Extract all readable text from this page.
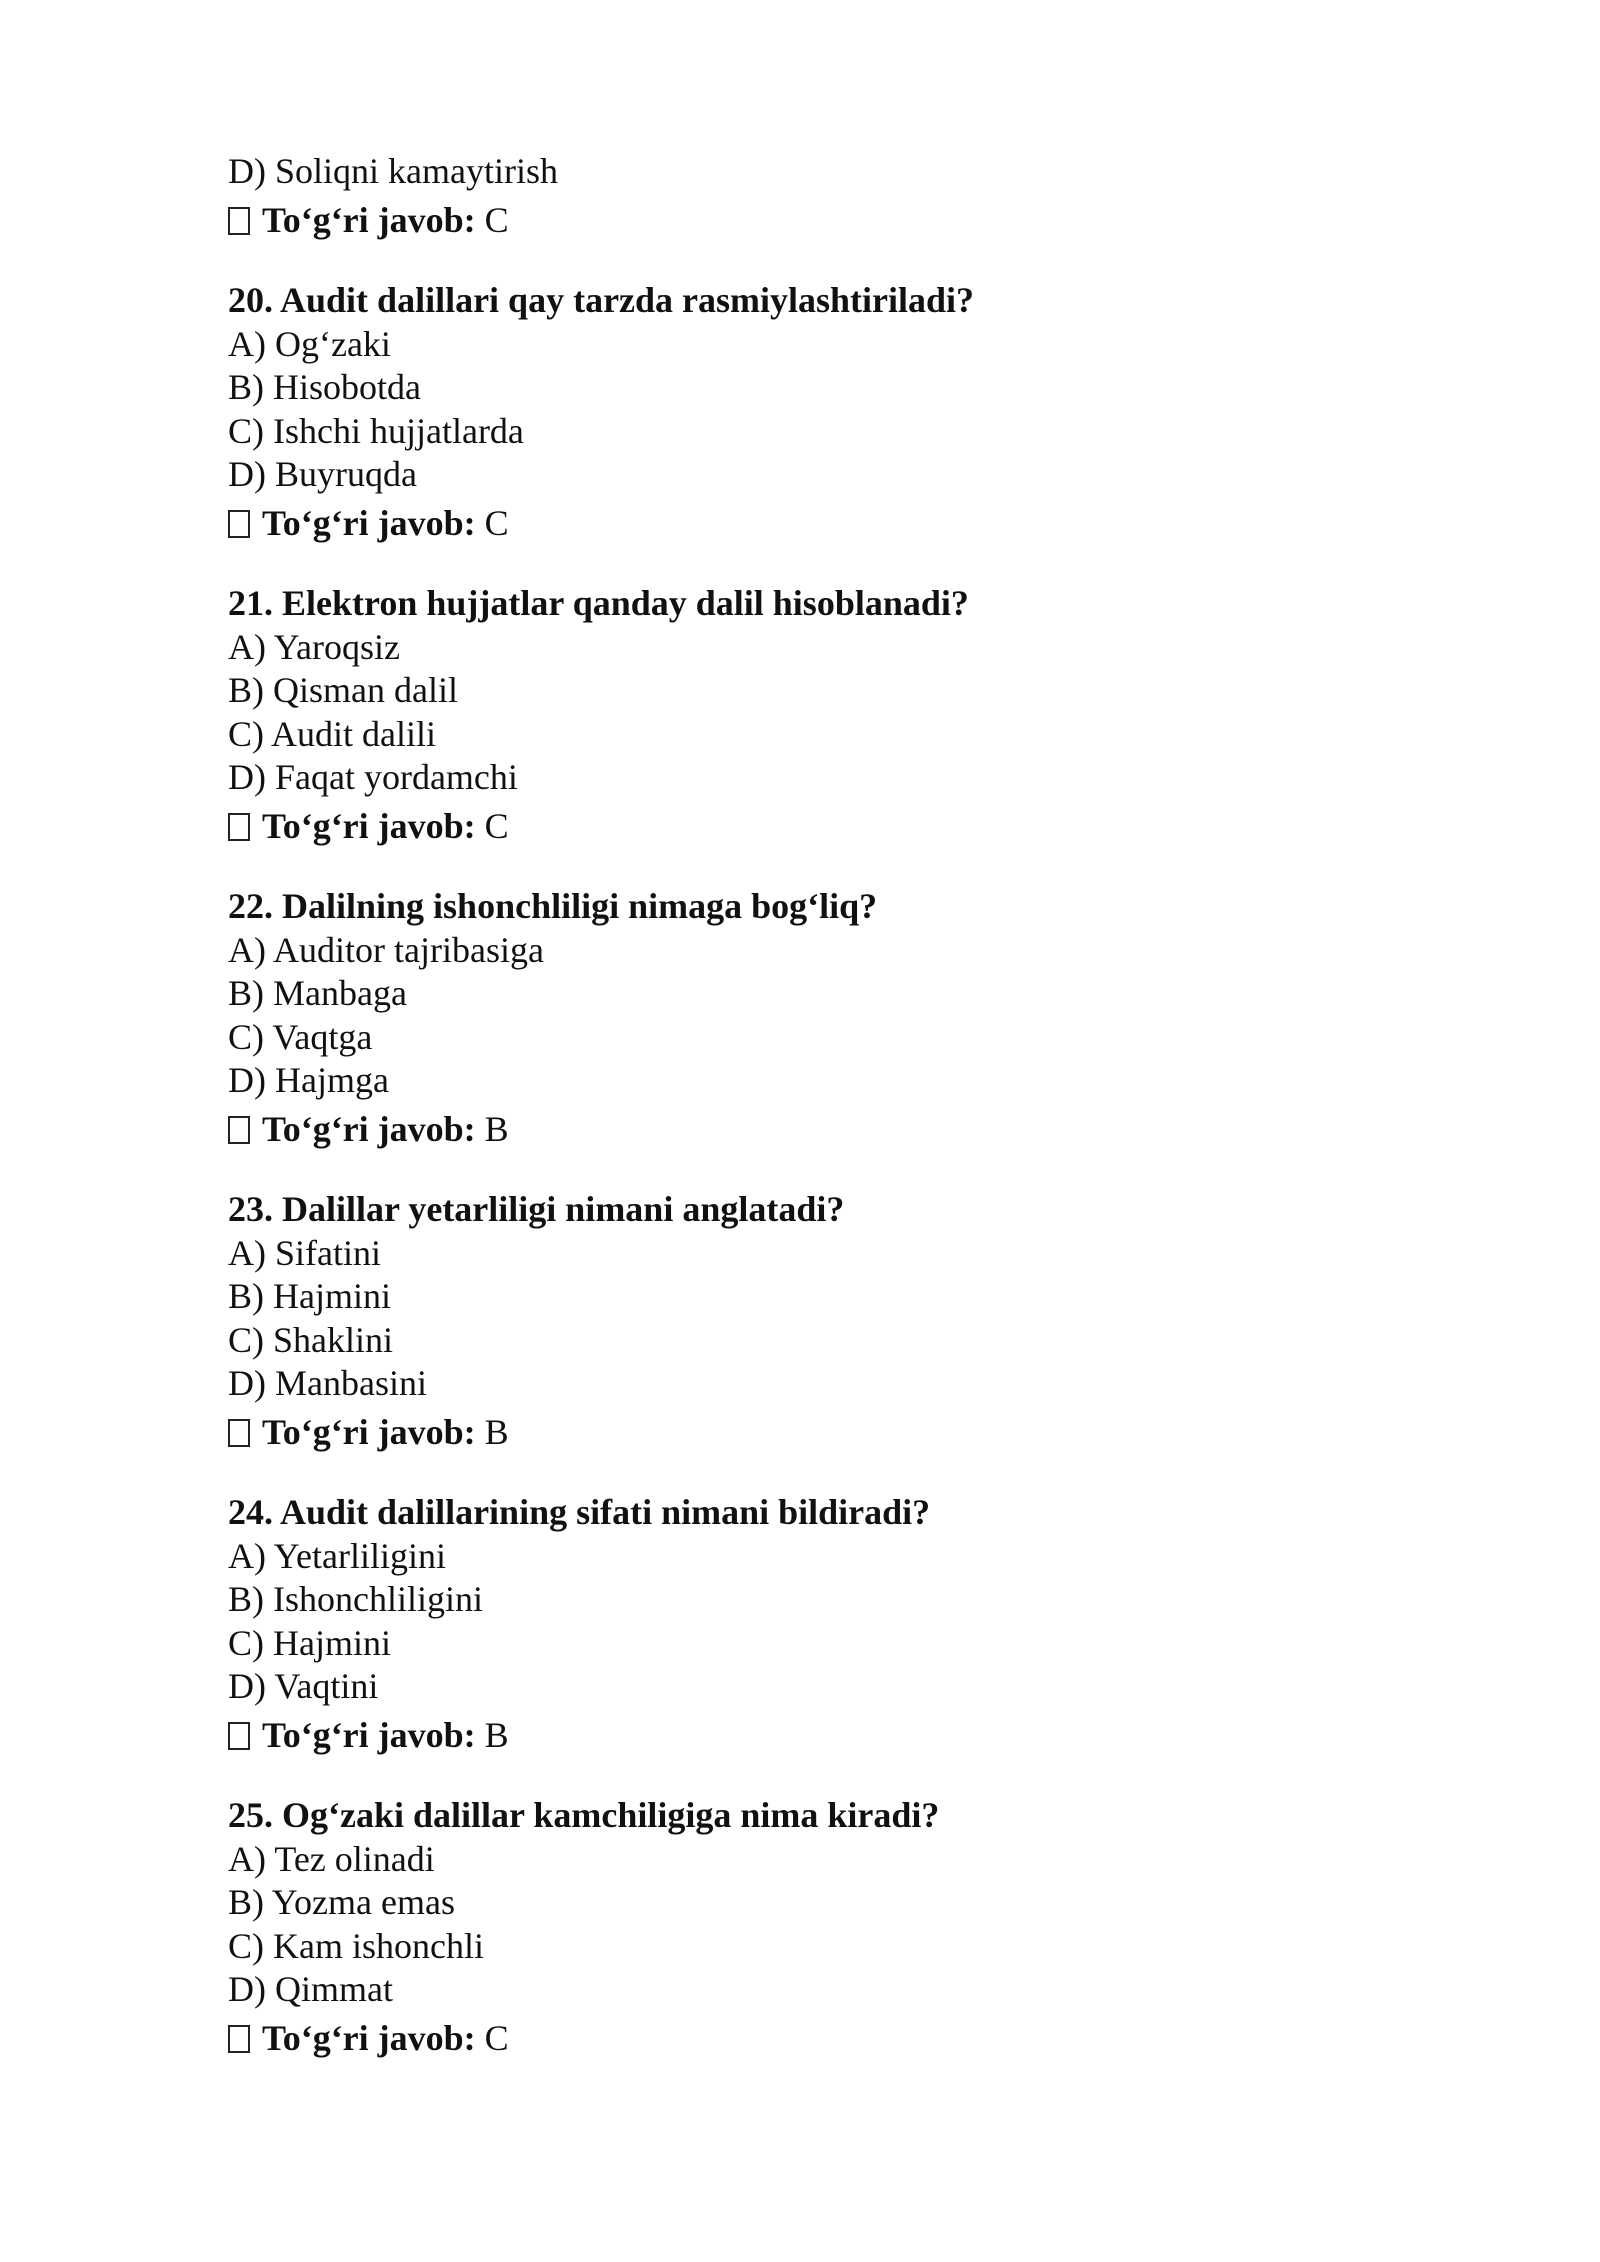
D) Soliqni kamaytirish
To‘g‘ri javob: C
20. Audit dalillari qay tarzda rasmiylashtiriladi?
A) Og‘zaki
B) Hisobotda
C) Ishchi hujjatlarda
D) Buyruqda
To‘g‘ri javob: C
21. Elektron hujjatlar qanday dalil hisoblanadi?
A) Yaroqsiz
B) Qisman dalil
C) Audit dalili
D) Faqat yordamchi
To‘g‘ri javob: C
22. Dalilning ishonchliligi nimaga bog‘liq?
A) Auditor tajribasiga
B) Manbaga
C) Vaqtga
D) Hajmga
To‘g‘ri javob: B
23. Dalillar yetarliligi nimani anglatadi?
A) Sifatini
B) Hajmini
C) Shaklini
D) Manbasini
To‘g‘ri javob: B
24. Audit dalillarining sifati nimani bildiradi?
A) Yetarliligini
B) Ishonchliligini
C) Hajmini
D) Vaqtini
To‘g‘ri javob: B
25. Og‘zaki dalillar kamchiligiga nima kiradi?
A) Tez olinadi
B) Yozma emas
C) Kam ishonchli
D) Qimmat
To‘g‘ri javob: C
